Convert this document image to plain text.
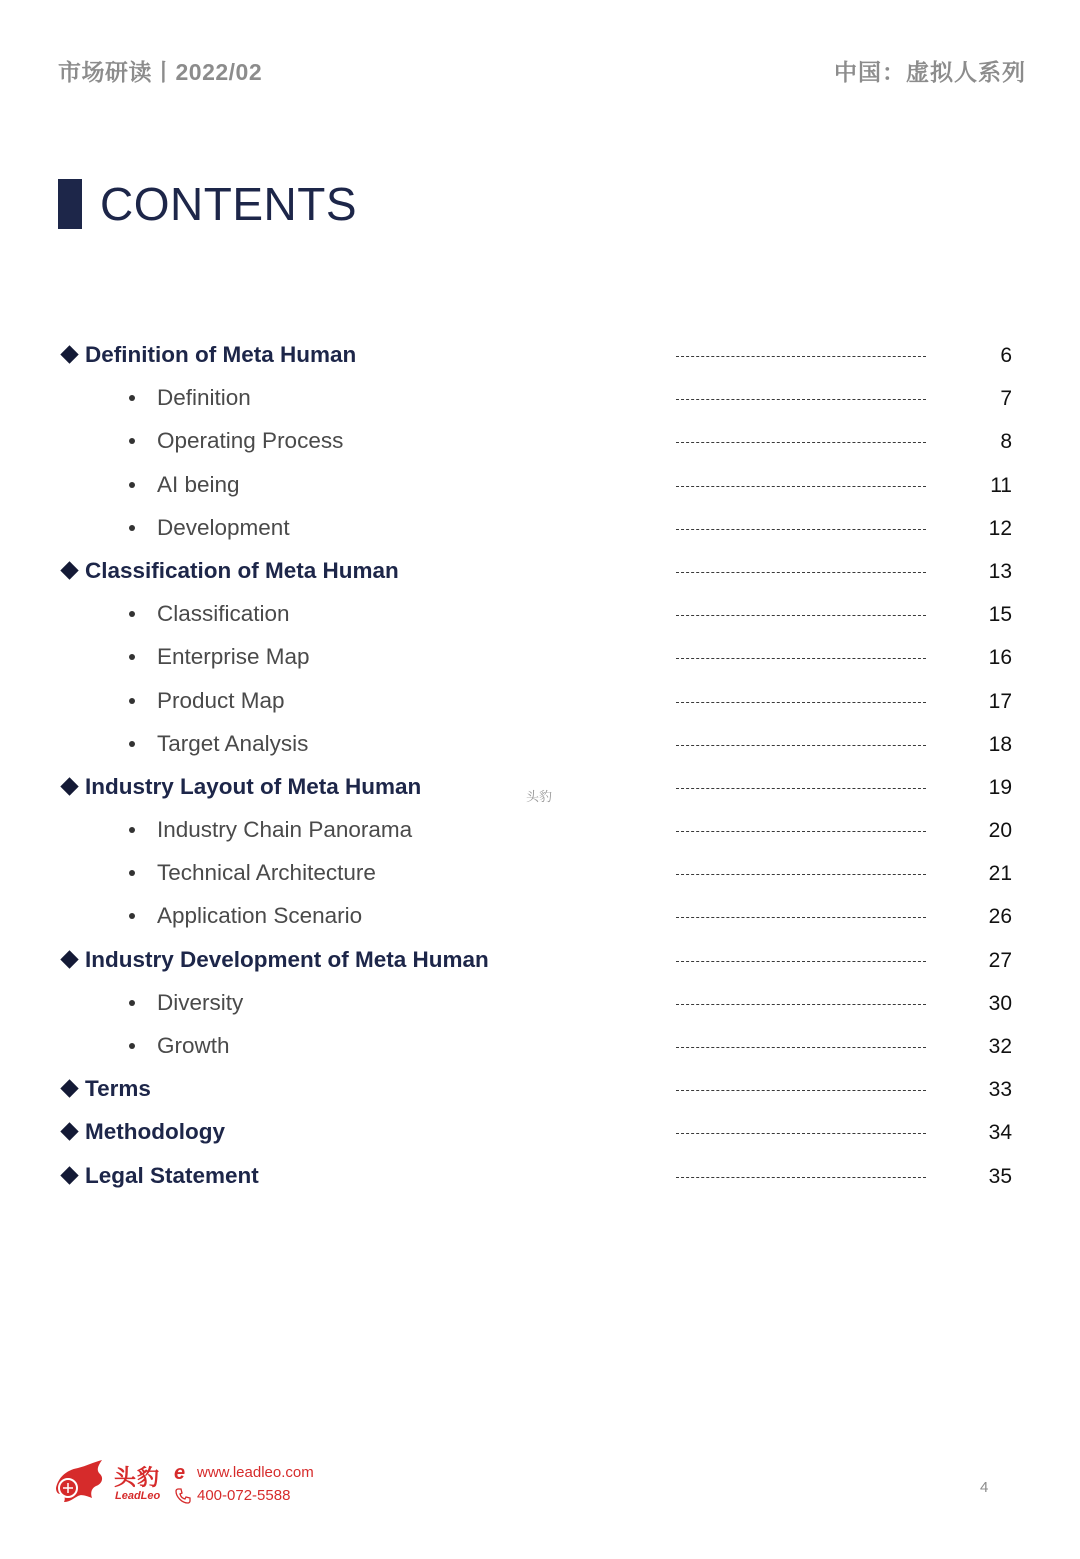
市场研读丨2022/02	中国：虚拟人系列
CONTENTS
Definition of Meta Human	6
Definition	7
Operating Process	8
AI being	11
Development	12
Classification of Meta Human	13
Classification	15
Enterprise Map	16
Product Map	17
Target Analysis	18
Industry Layout of Meta Human	19
Industry Chain Panorama	20
Technical Architecture	21
Application Scenario	26
Industry Development of Meta Human	27
Diversity	30
Growth	32
Terms	33
Methodology	34
Legal Statement	35
头豹
头豹
LeadLeo
e www.leadleo.com
400-072-5588	4
